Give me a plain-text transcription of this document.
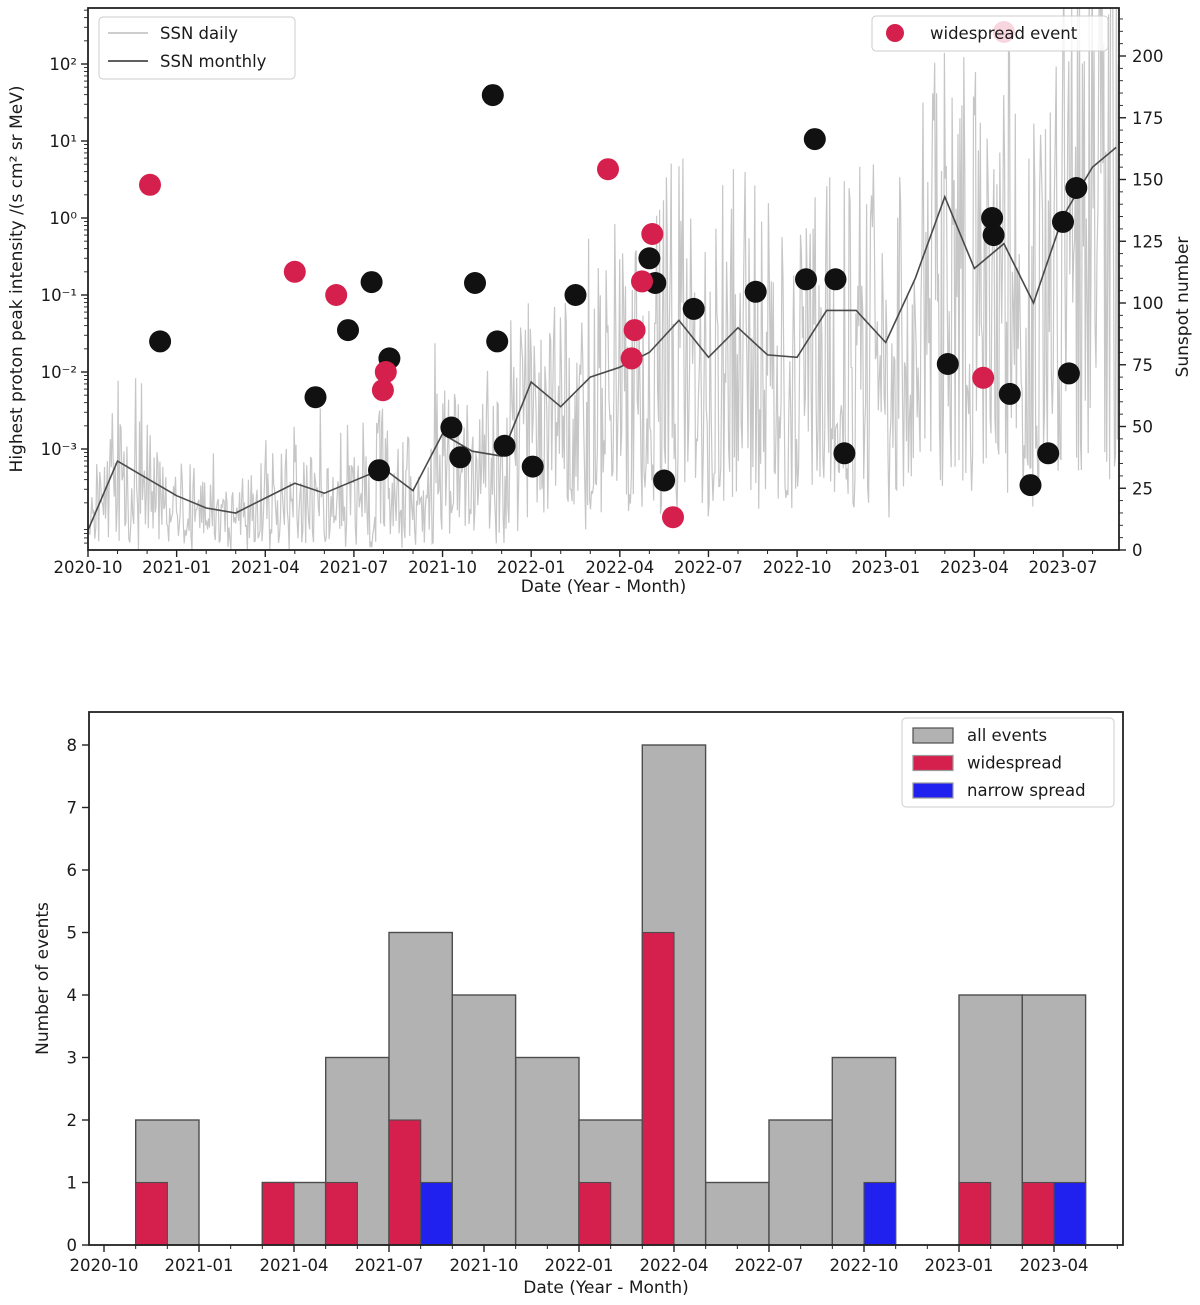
2020-10 2021-01 2021-04 2021-07 2021-10 2022-01 2022-04 2022-07 2022-10 2023-01 2023-04 2023-07
Date (Year - Month)
10²
10¹
10⁰
10⁻¹
10⁻²
10⁻³
Highest proton peak intensity /(s cm² sr MeV)
0
25
50
75
100
125
150
175
200
Sunspot number
SSN daily
SSN monthly
widespread event
2020-10 2021-01 2021-04 2021-07 2021-10 2022-01 2022-04 2022-07 2022-10 2023-01 2023-04
Date (Year - Month)
0
1
2
3
4
5
6
7
8
Number of events
all events
widespread
narrow spread
